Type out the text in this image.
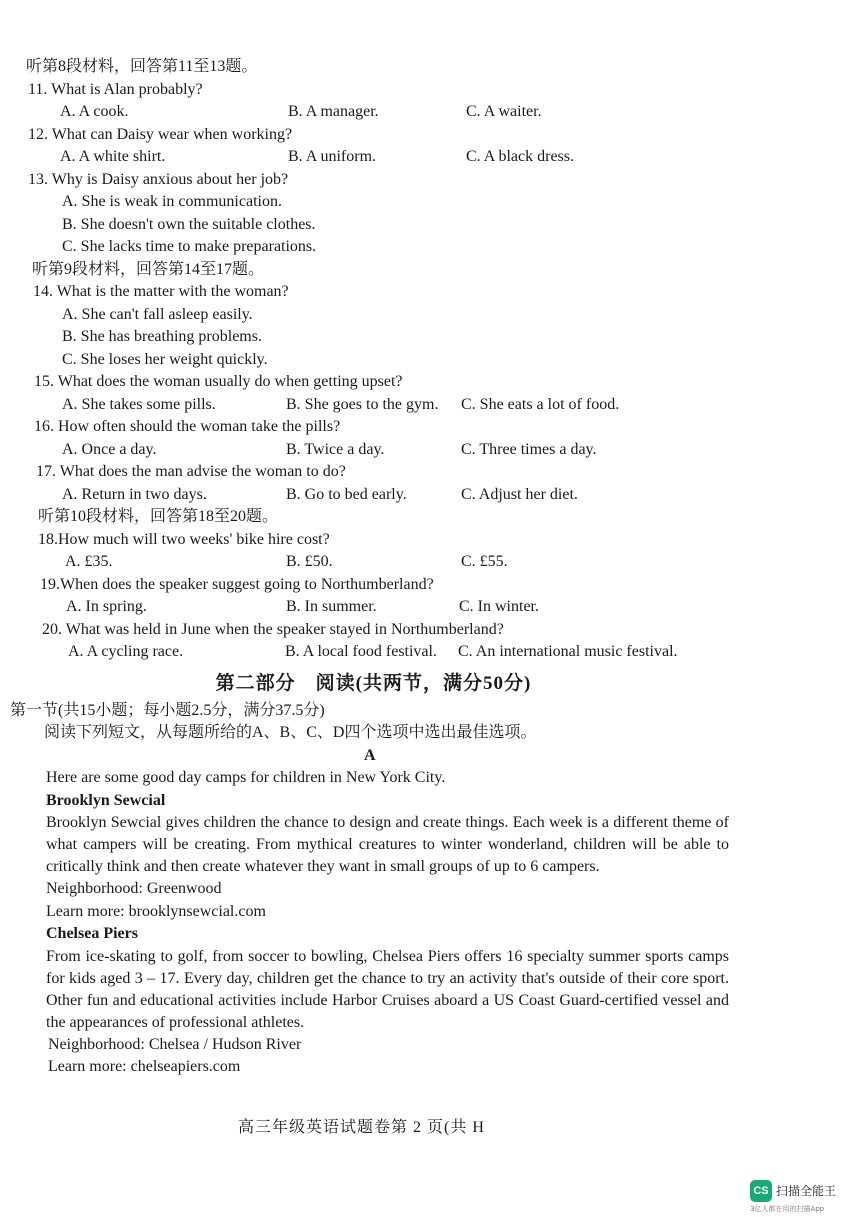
听第8段材料，回答第11至13题。
11. What is Alan probably?
A. A cook.	B. A manager.	C. A waiter.
12. What can Daisy wear when working?
A. A white shirt.	B. A uniform.	C. A black dress.
13. Why is Daisy anxious about her job?
A. She is weak in communication.
B. She doesn't own the suitable clothes.
C. She lacks time to make preparations.
听第9段材料，回答第14至17题。
14. What is the matter with the woman?
A. She can't fall asleep easily.
B. She has breathing problems.
C. She loses her weight quickly.
15. What does the woman usually do when getting upset?
A. She takes some pills.	B. She goes to the gym. C. She eats a lot of food.
16. How often should the woman take the pills?
A. Once a day.	B. Twice a day.	C. Three times a day.
17. What does the man advise the woman to do?
A. Return in two days.	B. Go to bed early.	C. Adjust her diet.
听第10段材料，回答第18至20题。
18.How much will two weeks' bike hire cost?
A. £35.	B. £50.	C. £55.
19.When does the speaker suggest going to Northumberland?
A. In spring.	B. In summer.	C. In winter.
20. What was held in June when the speaker stayed in Northumberland?
A. A cycling race.	B. A local food festival. C. An international music festival.
第二部分　阅读(共两节，满分50分)
第一节(共15小题；每小题2.5分，满分37.5分)
阅读下列短文，从每题所给的A、B、C、D四个选项中选出最佳选项。
A
Here are some good day camps for children in New York City.
Brooklyn Sewcial
Brooklyn Sewcial gives children the chance to design and create things. Each week is a different theme of what campers will be creating. From mythical creatures to winter wonderland, children will be able to critically think and then create whatever they want in small groups of up to 6 campers.
Neighborhood: Greenwood
Learn more: brooklynsewcial.com
Chelsea Piers
From ice-skating to golf, from soccer to bowling, Chelsea Piers offers 16 specialty summer sports camps for kids aged 3 – 17. Every day, children get the chance to try an activity that's outside of their core sport. Other fun and educational activities include Harbor Cruises aboard a US Coast Guard-certified vessel and the appearances of professional athletes.
Neighborhood: Chelsea / Hudson River
Learn more: chelseapiers.com
高三年级英语试题卷第 2 页(共 H
CS 扫描全能王
3亿人都在用的扫描App
